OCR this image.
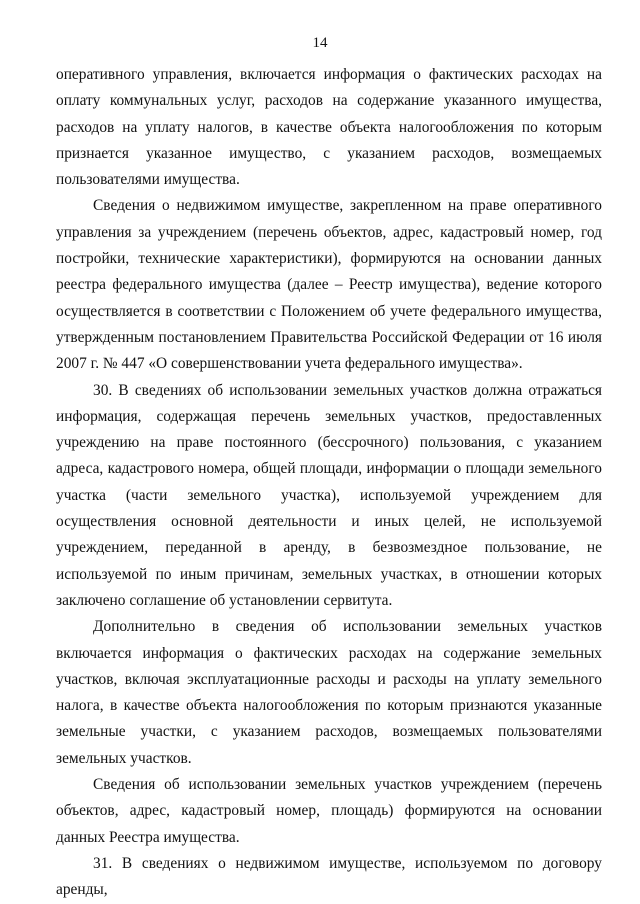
14

оперативного управления, включается информация о фактических расходах на оплату коммунальных услуг, расходов на содержание указанного имущества, расходов на уплату налогов, в качестве объекта налогообложения по которым признается указанное имущество, с указанием расходов, возмещаемых пользователями имущества.

Сведения о недвижимом имуществе, закрепленном на праве оперативного управления за учреждением (перечень объектов, адрес, кадастровый номер, год постройки, технические характеристики), формируются на основании данных реестра федерального имущества (далее – Реестр имущества), ведение которого осуществляется в соответствии с Положением об учете федерального имущества, утвержденным постановлением Правительства Российской Федерации от 16 июля 2007 г. № 447 «О совершенствовании учета федерального имущества».

30. В сведениях об использовании земельных участков должна отражаться информация, содержащая перечень земельных участков, предоставленных учреждению на праве постоянного (бессрочного) пользования, с указанием адреса, кадастрового номера, общей площади, информации о площади земельного участка (части земельного участка), используемой учреждением для осуществления основной деятельности и иных целей, не используемой учреждением, переданной в аренду, в безвозмездное пользование, не используемой по иным причинам, земельных участках, в отношении которых заключено соглашение об установлении сервитута.

Дополнительно в сведения об использовании земельных участков включается информация о фактических расходах на содержание земельных участков, включая эксплуатационные расходы и расходы на уплату земельного налога, в качестве объекта налогообложения по которым признаются указанные земельные участки, с указанием расходов, возмещаемых пользователями земельных участков.

Сведения об использовании земельных участков учреждением (перечень объектов, адрес, кадастровый номер, площадь) формируются на основании данных Реестра имущества.

31. В сведениях о недвижимом имуществе, используемом по договору аренды,
